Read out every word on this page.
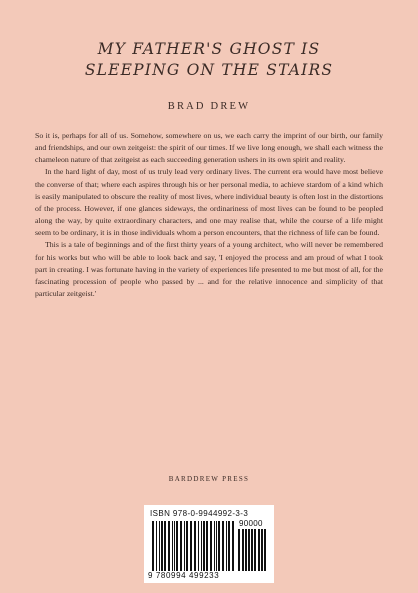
MY FATHER'S GHOST IS
SLEEPING ON THE STAIRS
BRAD DREW

So it is, perhaps for all of us. Somehow, somewhere on us, we each carry the imprint of our birth, our family and friendships, and our own zeitgeist: the spirit of our times. If we live long enough, we shall each witness the chameleon nature of that zeitgeist as each succeeding generation ushers in its own spirit and reality.

In the hard light of day, most of us truly lead very ordinary lives. The current era would have most believe the converse of that; where each aspires through his or her personal media, to achieve stardom of a kind which is easily manipulated to obscure the reality of most lives, where individual beauty is often lost in the distortions of the process. However, if one glances sideways, the ordinariness of most lives can be found to be peopled along the way, by quite extraordinary characters, and one may realise that, while the course of a life might seem to be ordinary, it is in those individuals whom a person encounters, that the richness of life can be found.

This is a tale of beginnings and of the first thirty years of a young architect, who will never be remembered for his works but who will be able to look back and say, 'I enjoyed the process and am proud of what I took part in creating. I was fortunate having in the variety of experiences life presented to me but most of all, for the fascinating procession of people who passed by ... and for the relative innocence and simplicity of that particular zeitgeist.'

BARDDREW PRESS
ISBN 978-0-9944992-3-3
90000
9 780994 499233
